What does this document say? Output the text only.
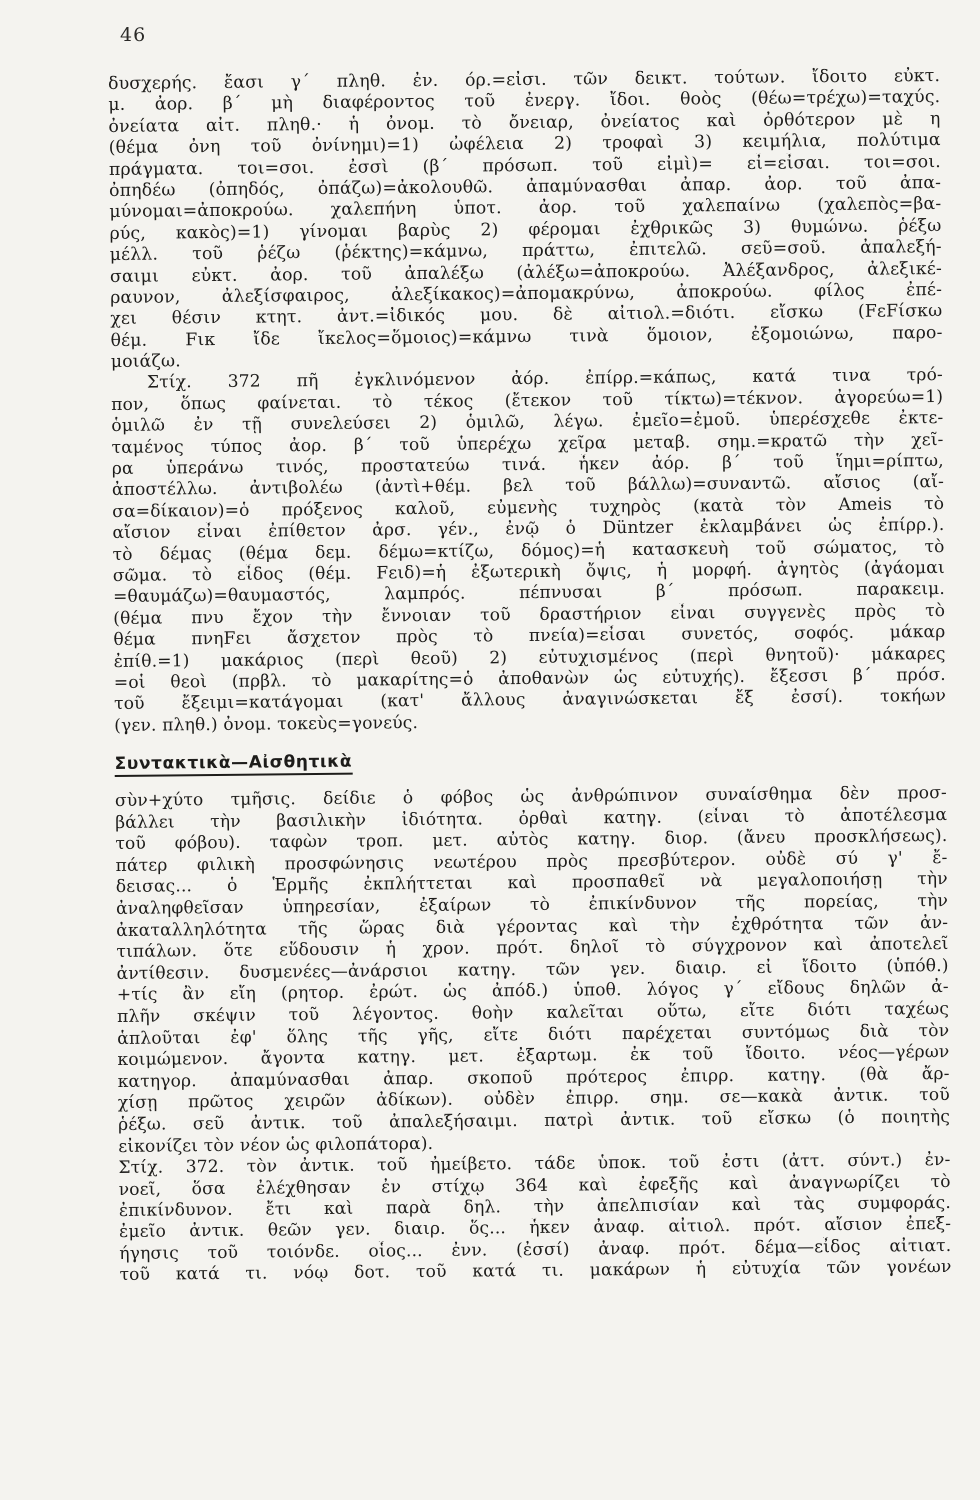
46
δυσχερής. ἔασι γ΄ πληθ. ἐν. όρ.=εἰσι. τῶν δεικτ. τούτων. ἴδοιτο εὐκτ.
μ. ἀορ. β΄ μὴ διαφέροντος τοῦ ἐνεργ. ἴδοι. θοὸς (θέω=τρέχω)=ταχύς.
ὀνείατα αἰτ. πληθ.· ἡ ὀνομ. τὸ ὄνειαρ, ὀνείατος καὶ ὀρθότερον μὲ η
(θέμα ὀνη τοῦ ὀνίνημι)=1) ὠφέλεια 2) τροφαὶ 3) κειμήλια, πολύτιμα
πράγματα. τοι=σοι. ἐσσὶ (β΄ πρόσωπ. τοῦ εἰμὶ)= εἶ=εἶσαι. τοι=σοι.
ὀπηδέω (ὀπηδός, ὀπάζω)=ἀκολουθῶ. ἀπαμύνασθαι ἀπαρ. ἀορ. τοῦ ἀπα-
μύνομαι=ἀποκρούω. χαλεπήνη ὑποτ. ἀορ. τοῦ χαλεπαίνω (χαλεπὸς=βα-
ρύς, κακὸς)=1) γίνομαι βαρὺς 2) φέρομαι ἐχθρικῶς 3) θυμώνω. ῥέξω
μέλλ. τοῦ ῥέζω (ῥέκτης)=κάμνω, πράττω, ἐπιτελῶ. σεῦ=σοῦ. ἀπαλεξή-
σαιμι εὐκτ. ἀορ. τοῦ ἀπαλέξω (ἀλέξω=ἀποκρούω. Ἀλέξανδρος, ἀλεξικέ-
ραυνον, ἀλεξίσφαιρος, ἀλεξίκακος)=ἀπομακρύνω, ἀποκρούω. φίλος ἐπέ-
χει θέσιν κτητ. ἀντ.=ἰδικός μου. δὲ αἰτιολ.=διότι. εἴσκω (FεFίσκω
θέμ. Fικ ἴδε ἴκελος=ὅμοιος)=κάμνω τινὰ ὅμοιον, ἐξομοιώνω, παρο-
μοιάζω.
Στίχ. 372 πῆ ἐγκλινόμενον ἀόρ. ἐπίρρ.=κάπως, κατά τινα τρό-
πον, ὅπως φαίνεται. τὸ τέκος (ἔτεκον τοῦ τίκτω)=τέκνον. ἀγορεύω=1)
ὁμιλῶ ἐν τῇ συνελεύσει 2) ὁμιλῶ, λέγω. ἐμεῖο=ἐμοῦ. ὑπερέσχεθε ἐκτε-
ταμένος τύπος ἀορ. β΄ τοῦ ὑπερέχω χεῖρα μεταβ. σημ.=κρατῶ τὴν χεῖ-
ρα ὑπεράνω τινός, προστατεύω τινά. ἧκεν ἀόρ. β΄ τοῦ ἵημι=ρίπτω,
ἀποστέλλω. ἀντιβολέω (ἀντὶ+θέμ. βελ τοῦ βάλλω)=συναντῶ. αἴσιος (αἴ-
σα=δίκαιον)=ὁ πρόξενος καλοῦ, εὐμενὴς τυχηρὸς (κατὰ τὸν Ameis τὸ
αἴσιον εἶναι ἐπίθετον ἀρσ. γέν., ἐνῷ ὁ Düntzer ἐκλαμβάνει ὡς ἐπίρρ.).
τὸ δέμας (θέμα δεμ. δέμω=κτίζω, δόμος)=ἡ κατασκευὴ τοῦ σώματος, τὸ
σῶμα. τὸ εἶδος (θέμ. Fειδ)=ἡ ἐξωτερικὴ ὄψις, ἡ μορφή. ἀγητὸς (ἀγάομαι
=θαυμάζω)=θαυμαστός, λαμπρός. πέπνυσαι β΄ πρόσωπ. παρακειμ.
(θέμα πνυ ἔχον τὴν ἔννοιαν τοῦ δραστήριον εἶναι συγγενὲς πρὸς τὸ
θέμα πνηFει ἄσχετον πρὸς τὸ πνεία)=εἶσαι συνετός, σοφός. μάκαρ
ἐπίθ.=1) μακάριος (περὶ θεοῦ) 2) εὐτυχισμένος (περὶ θνητοῦ)· μάκαρες
=οἱ θεοὶ (πρβλ. τὸ μακαρίτης=ὁ ἀποθανὼν ὡς εὐτυχής). ἔξεσσι β΄ πρόσ.
τοῦ ἔξειμι=κατάγομαι (κατ' ἄλλους ἀναγινώσκεται ἔξ ἐσσί). τοκήων
(γεν. πληθ.) ὀνομ. τοκεὺς=γονεύς.
Συντακτικὰ—Αἰσθητικὰ
σὺν+χύτο τμῆσις. δείδιε ὁ φόβος ὡς ἀνθρώπινον συναίσθημα δὲν προσ-
βάλλει τὴν βασιλικὴν ἰδιότητα. ὀρθαὶ κατηγ. (εἶναι τὸ ἀποτέλεσμα
τοῦ φόβου). ταφὼν τροπ. μετ. αὐτὸς κατηγ. διορ. (ἄνευ προσκλήσεως).
πάτερ φιλικὴ προσφώνησις νεωτέρου πρὸς πρεσβύτερον. οὐδὲ σύ γ' ἔ-
δεισας... ὁ Ἑρμῆς ἐκπλήττεται καὶ προσπαθεῖ νὰ μεγαλοποιήσῃ τὴν
ἀναληφθεῖσαν ὑπηρεσίαν, ἐξαίρων τὸ ἐπικίνδυνον τῆς πορείας, τὴν
ἀκαταλληλότητα τῆς ὥρας διὰ γέροντας καὶ τὴν ἐχθρότητα τῶν ἀν-
τιπάλων. ὅτε εὕδουσιν ἡ χρον. πρότ. δηλοῖ τὸ σύγχρονον καὶ ἀποτελεῖ
ἀντίθεσιν. δυσμενέες—ἀνάρσιοι κατηγ. τῶν γεν. διαιρ. εἰ ἴδοιτο (ὑπόθ.)
+τίς ἂν εἴη (ρητορ. ἐρώτ. ὡς ἀπόδ.) ὑποθ. λόγος γ΄ εἴδους δηλῶν ἀ-
πλῆν σκέψιν τοῦ λέγοντος. θοὴν καλεῖται οὕτω, εἴτε διότι ταχέως
ἁπλοῦται ἐφ' ὅλης τῆς γῆς, εἴτε διότι παρέχεται συντόμως διὰ τὸν
κοιμώμενον. ἄγοντα κατηγ. μετ. ἐξαρτωμ. ἐκ τοῦ ἴδοιτο. νέος—γέρων
κατηγορ. ἀπαμύνασθαι ἀπαρ. σκοποῦ πρότερος ἐπιρρ. κατηγ. (θὰ ἄρ-
χίσῃ πρῶτος χειρῶν ἀδίκων). οὐδὲν ἐπιρρ. σημ. σε—κακὰ ἀντικ. τοῦ
ῥέξω. σεῦ ἀντικ. τοῦ ἀπαλεξήσαιμι. πατρὶ ἀντικ. τοῦ εἴσκω (ὁ ποιητὴς
εἰκονίζει τὸν νέον ὡς φιλοπάτορα).
Στίχ. 372. τὸν ἀντικ. τοῦ ἠμείβετο. τάδε ὑποκ. τοῦ ἐστι (ἀττ. σύντ.) ἐν-
νοεῖ, ὅσα ἐλέχθησαν ἐν στίχῳ 364 καὶ ἐφεξῆς καὶ ἀναγνωρίζει τὸ
ἐπικίνδυνον. ἔτι καὶ παρὰ δηλ. τὴν ἀπελπισίαν καὶ τὰς συμφοράς.
ἐμεῖο ἀντικ. θεῶν γεν. διαιρ. ὅς... ἧκεν ἀναφ. αἰτιολ. πρότ. αἴσιον ἐπεξ-
ήγησις τοῦ τοιόνδε. οἷος... ἐνν. (ἐσσί) ἀναφ. πρότ. δέμα—εἶδος αἰτιατ.
τοῦ κατά τι. νόῳ δοτ. τοῦ κατά τι. μακάρων ἡ εὐτυχία τῶν γονέων
